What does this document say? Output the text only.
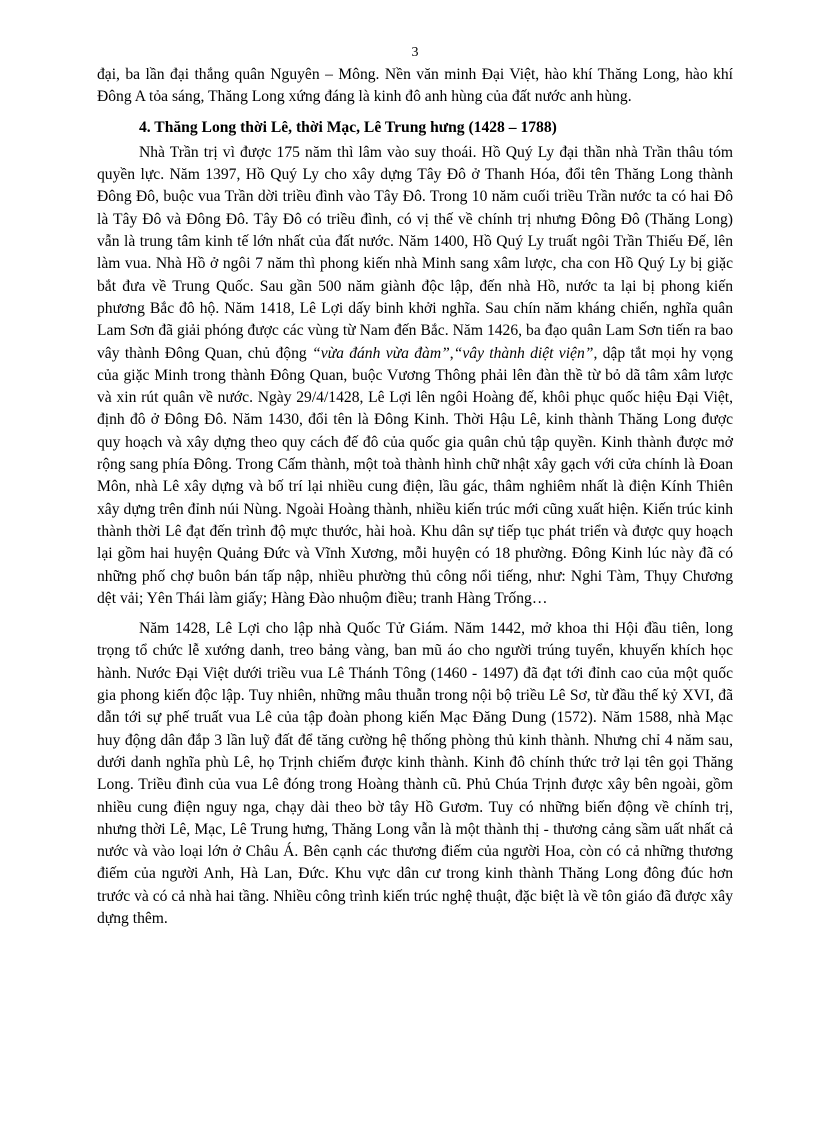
3

đại, ba lần đại thắng quân Nguyên – Mông. Nền văn minh Đại Việt, hào khí Thăng Long, hào khí Đông A tỏa sáng, Thăng Long xứng đáng là kinh đô anh hùng của đất nước anh hùng.

4. Thăng Long thời Lê, thời Mạc, Lê Trung hưng (1428 – 1788)

Nhà Trần trị vì được 175 năm thì lâm vào suy thoái. Hồ Quý Ly đại thần nhà Trần thâu tóm quyền lực. Năm 1397, Hồ Quý Ly cho xây dựng Tây Đô ở Thanh Hóa, đổi tên Thăng Long thành Đông Đô, buộc vua Trần dời triều đình vào Tây Đô. Trong 10 năm cuối triều Trần nước ta có hai Đô là Tây Đô và Đông Đô. Tây Đô có triều đình, có vị thế về chính trị nhưng Đông Đô (Thăng Long) vẫn là trung tâm kinh tế lớn nhất của đất nước. Năm 1400, Hồ Quý Ly truất ngôi Trần Thiếu Đế, lên làm vua. Nhà Hồ ở ngôi 7 năm thì phong kiến nhà Minh sang xâm lược, cha con Hồ Quý Ly bị giặc bắt đưa về Trung Quốc. Sau gần 500 năm giành độc lập, đến nhà Hồ, nước ta lại bị phong kiến phương Bắc đô hộ. Năm 1418, Lê Lợi dấy binh khởi nghĩa. Sau chín năm kháng chiến, nghĩa quân Lam Sơn đã giải phóng được các vùng từ Nam đến Bắc. Năm 1426, ba đạo quân Lam Sơn tiến ra bao vây thành Đông Quan, chủ động “vừa đánh vừa đàm”,“vây thành diệt viện”, dập tắt mọi hy vọng của giặc Minh trong thành Đông Quan, buộc Vương Thông phải lên đàn thề từ bỏ dã tâm xâm lược và xin rút quân về nước. Ngày 29/4/1428, Lê Lợi lên ngôi Hoàng đế, khôi phục quốc hiệu Đại Việt, định đô ở Đông Đô. Năm 1430, đổi tên là Đông Kinh. Thời Hậu Lê, kinh thành Thăng Long được quy hoạch và xây dựng theo quy cách đế đô của quốc gia quân chủ tập quyền. Kinh thành được mở rộng sang phía Đông. Trong Cấm thành, một toà thành hình chữ nhật xây gạch với cửa chính là Đoan Môn, nhà Lê xây dựng và bố trí lại nhiều cung điện, lầu gác, thâm nghiêm nhất là điện Kính Thiên xây dựng trên đỉnh núi Nùng. Ngoài Hoàng thành, nhiều kiến trúc mới cũng xuất hiện. Kiến trúc kinh thành thời Lê đạt đến trình độ mực thước, hài hoà. Khu dân sự tiếp tục phát triển và được quy hoạch lại gồm hai huyện Quảng Đức và Vĩnh Xương, mỗi huyện có 18 phường. Đông Kinh lúc này đã có những phố chợ buôn bán tấp nập, nhiều phường thủ công nổi tiếng, như: Nghi Tàm, Thụy Chương dệt vải; Yên Thái làm giấy; Hàng Đào nhuộm điều; tranh Hàng Trống…

Năm 1428, Lê Lợi cho lập nhà Quốc Tử Giám. Năm 1442, mở khoa thi Hội đầu tiên, long trọng tổ chức lễ xướng danh, treo bảng vàng, ban mũ áo cho người trúng tuyển, khuyến khích học hành. Nước Đại Việt dưới triều vua Lê Thánh Tông (1460 - 1497) đã đạt tới đỉnh cao của một quốc gia phong kiến độc lập. Tuy nhiên, những mâu thuẫn trong nội bộ triều Lê Sơ, từ đầu thế kỷ XVI, đã dẫn tới sự phế truất vua Lê của tập đoàn phong kiến Mạc Đăng Dung (1572). Năm 1588, nhà Mạc huy động dân đắp 3 lần luỹ đất để tăng cường hệ thống phòng thủ kinh thành. Nhưng chỉ 4 năm sau, dưới danh nghĩa phù Lê, họ Trịnh chiếm được kinh thành. Kinh đô chính thức trở lại tên gọi Thăng Long. Triều đình của vua Lê đóng trong Hoàng thành cũ. Phủ Chúa Trịnh được xây bên ngoài, gồm nhiều cung điện nguy nga, chạy dài theo bờ tây Hồ Gươm. Tuy có những biến động về chính trị, nhưng thời Lê, Mạc, Lê Trung hưng, Thăng Long vẫn là một thành thị - thương cảng sầm uất nhất cả nước và vào loại lớn ở Châu Á. Bên cạnh các thương điếm của người Hoa, còn có cả những thương điếm của người Anh, Hà Lan, Đức. Khu vực dân cư trong kinh thành Thăng Long đông đúc hơn trước và có cả nhà hai tầng. Nhiều công trình kiến trúc nghệ thuật, đặc biệt là về tôn giáo đã được xây dựng thêm.
